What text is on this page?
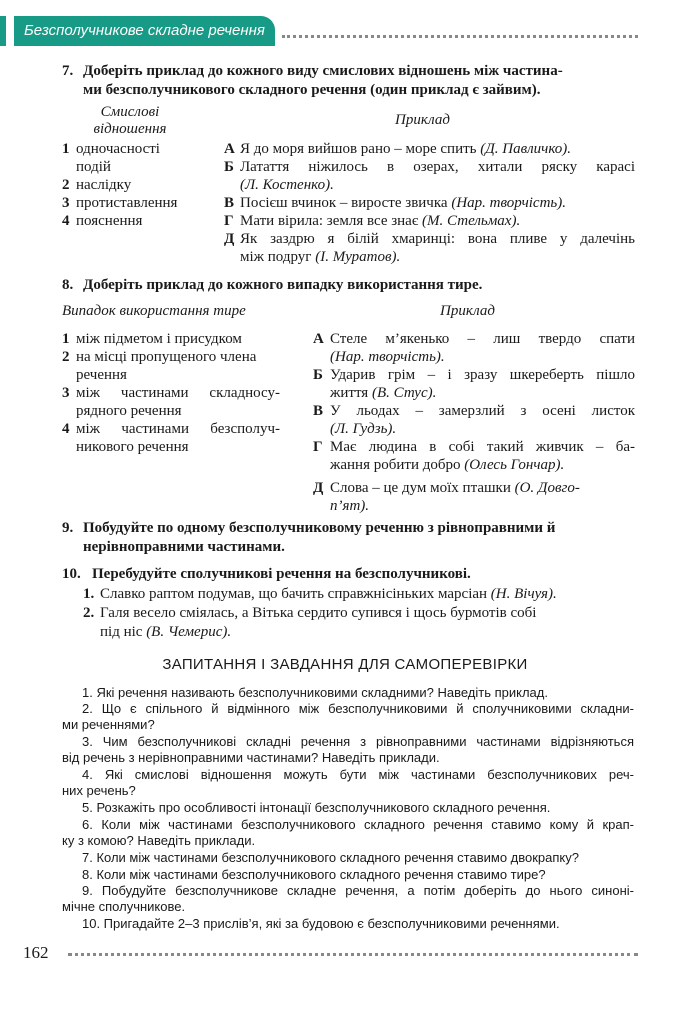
Безсполучникове складне речення
7. Доберіть приклад до кожного виду смислових відношень між частина-
ми безсполучникового складного речення (один приклад є зайвим).
Смислові
відношення
Приклад
1 одночасності
подій
2 наслідку
3 протиставлення
4 пояснення
А Я до моря вийшов рано – море спить (Д. Павличко).
Б Латаття ніжилось в озерах, хитали ряску карасі
(Л. Костенко).
В Посієш вчинок – виросте звичка (Нар. творчість).
Г Мати вірила: земля все знає (М. Стельмах).
Д Як заздрю я білій хмаринці: вона пливе у далечінь
між подруг (І. Муратов).
8. Доберіть приклад до кожного випадку використання тире.
Випадок використання тире	Приклад
1 між підметом і присудком
2 на місці пропущеного члена
речення
3 між частинами складносу-
рядного речення
4 між частинами безсполуч-
никового речення
А Стеле м’якенько – лиш твердо спати
(Нар. творчість).
Б Ударив грім – і зразу шкереберть пішло
життя (В. Стус).
В У льодах – замерзлий з осені листок
(Л. Гудзь).
Г Має людина в собі такий живчик – ба-
жання робити добро (Олесь Гончар).
Д Слова – це дум моїх пташки (О. Довго-
п’ят).
9. Побудуйте по одному безсполучниковому реченню з рівноправними й
нерівноправними частинами.
10. Перебудуйте сполучникові речення на безсполучникові.
1. Славко раптом подумав, що бачить справжнісіньких марсіан (Н. Вічуя).
2. Галя весело сміялась, а Вітька сердито супився і щось бурмотів собі
під ніс (В. Чемерис).
ЗАПИТАННЯ І ЗАВДАННЯ ДЛЯ САМОПЕРЕВІРКИ
1. Які речення називають безсполучниковими складними? Наведіть приклад.
2. Що є спільного й відмінного між безсполучниковими й сполучниковими складни-
ми реченнями?
3. Чим безсполучникові складні речення з рівноправними частинами відрізняються
від речень з нерівноправними частинами? Наведіть приклади.
4. Які смислові відношення можуть бути між частинами безсполучникових реч-
них речень?
5. Розкажіть про особливості інтонації безсполучникового складного речення.
6. Коли між частинами безсполучникового складного речення ставимо кому й крап-
ку з комою? Наведіть приклади.
7. Коли між частинами безсполучникового складного речення ставимо двокрапку?
8. Коли між частинами безсполучникового складного речення ставимо тире?
9. Побудуйте безсполучникове складне речення, а потім доберіть до нього синоні-
мічне сполучникове.
10. Пригадайте 2–3 прислів’я, які за будовою є безсполучниковими реченнями.
162
